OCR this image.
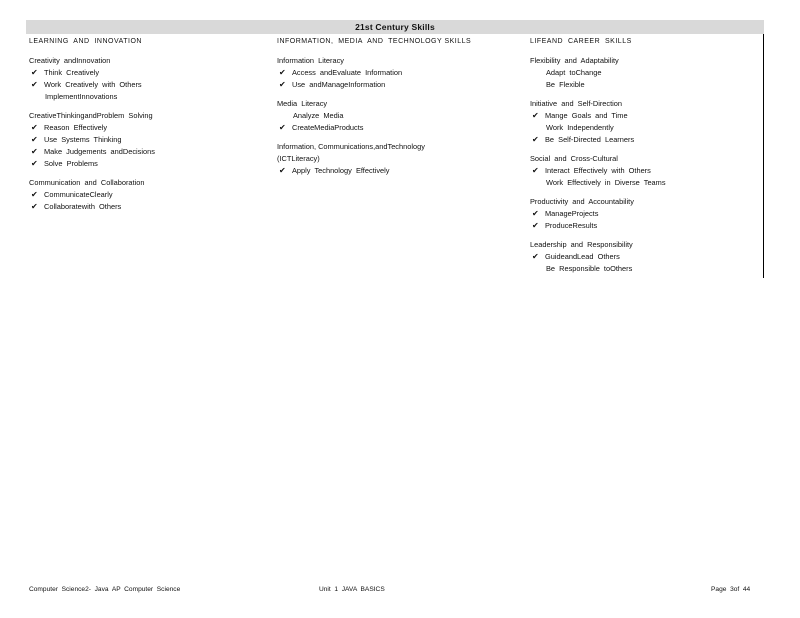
21st Century Skills
LEARNING  AND  INNOVATION
Creativity  andInnovation
✔ Think  Creatively
✔ Work  Creatively  with  Others
ImplementInnovations
CreativeThinkingandProblem  Solving
✔ Reason  Effectively
✔ Use  Systems  Thinking
✔ Make  Judgements  andDecisions
✔ Solve  Problems
Communication  and  Collaboration
✔ CommunicateClearly
✔ Collaboratewith  Others
INFORMATION,  MEDIA  AND  TECHNOLOGY SKILLS
Information  Literacy
✔ Access  andEvaluate  Information
✔ Use  andManageInformation
Media  Literacy
Analyze  Media
✔ CreateMediaProducts
Information, Communications,andTechnology (ICTLiteracy)
✔ Apply  Technology  Effectively
LIFEAND  CAREER  SKILLS
Flexibility  and  Adaptability
Adapt  toChange
Be  Flexible
Initiative  and  Self-Direction
✔ Mange  Goals  and  Time
Work  Independently
✔ Be  Self-Directed  Learners
Social  and  Cross-Cultural
✔ Interact  Effectively  with  Others
Work  Effectively  in  Diverse  Teams
Productivity  and  Accountability
✔ ManageProjects
✔ ProduceResults
Leadership  and  Responsibility
✔ GuideandLead  Others
Be  Responsible  toOthers
Computer  Science2-  Java  AP  Computer  Science	Unit  1  JAVA  BASICS	Page  3of  44
